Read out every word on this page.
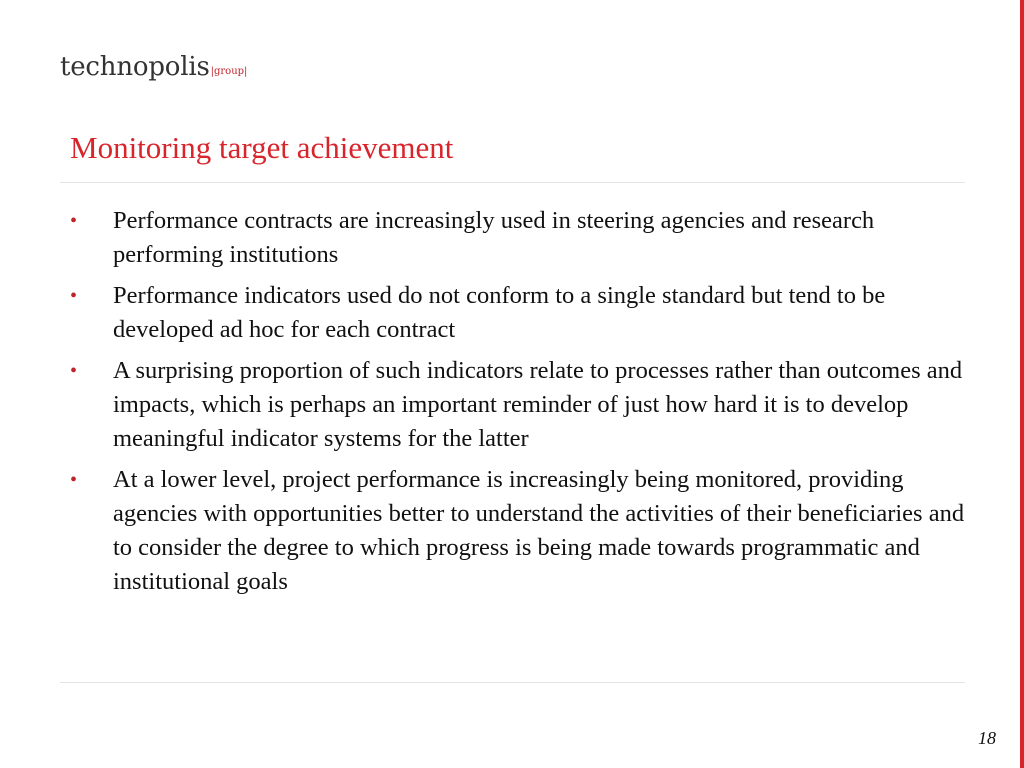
technopolis|group|
Monitoring target achievement
• Performance contracts are increasingly used in steering agencies and research performing institutions
• Performance indicators used do not conform to a single standard but tend to be developed ad hoc for each contract
• A surprising proportion of such indicators relate to processes rather than outcomes and impacts, which is perhaps an important reminder of just how hard it is to develop meaningful indicator systems for the latter
• At a lower level, project performance is increasingly being monitored, providing agencies with opportunities better to understand the activities of their beneficiaries and to consider the degree to which progress is being made towards programmatic and institutional goals
18
